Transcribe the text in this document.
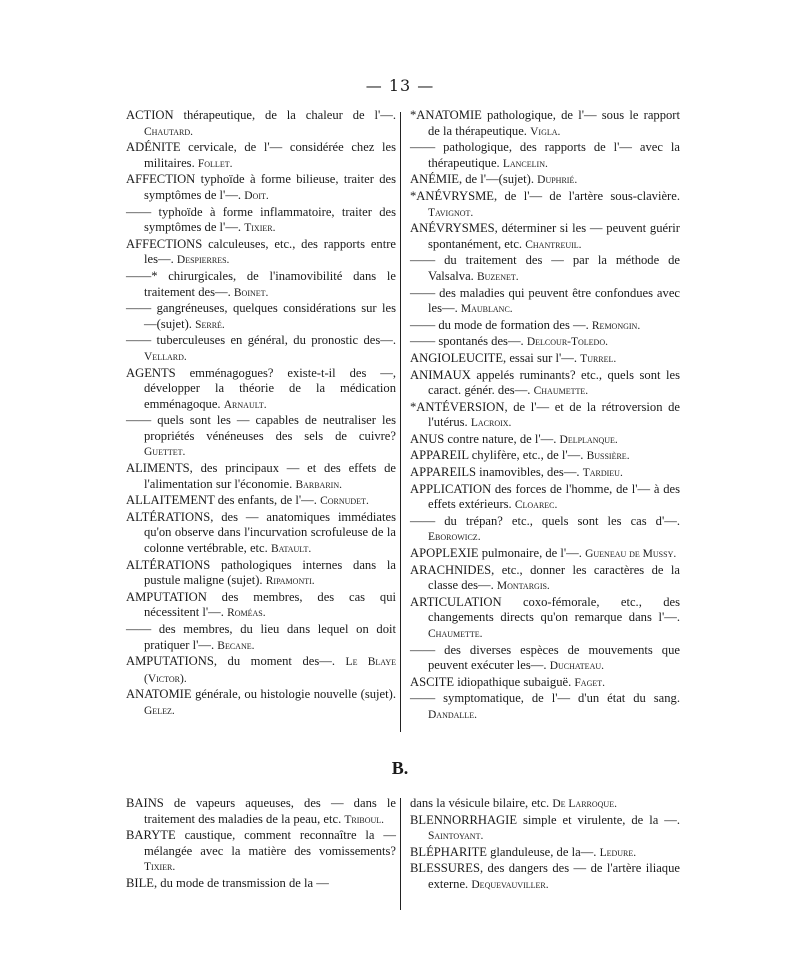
— 13 —
ACTION thérapeutique, de la chaleur de l'—. Chautard.
ADÉNITE cervicale, de l'— considérée chez les militaires. Follet.
AFFECTION typhoïde à forme bilieuse, traiter des symptômes de l'—. Doit.
—— typhoïde à forme inflammatoire, traiter des symptômes de l'—. Tixier.
AFFECTIONS calculeuses, etc., des rapports entre les—. Despierres.
——* chirurgicales, de l'inamovibilité dans le traitement des—. Boinet.
—— gangréneuses, quelques considérations sur les —(sujet). Serré.
—— tuberculeuses en général, du pronostic des—. Vellard.
AGENTS emménagogues? existe-t-il des —, développer la théorie de la médication emménagoque. Arnault.
—— quels sont les — capables de neutraliser les propriétés vénéneuses des sels de cuivre? Guettet.
ALIMENTS, des principaux — et des effets de l'alimentation sur l'économie. Barbarin.
ALLAITEMENT des enfants, de l'—. Cornudet.
ALTÉRATIONS, des — anatomiques immédiates qu'on observe dans l'incurvation scrofuleuse de la colonne vertébrable, etc. Batault.
ALTÉRATIONS pathologiques internes dans la pustule maligne (sujet). Ripamonti.
AMPUTATION des membres, des cas qui nécessitent l'—. Roméas.
—— des membres, du lieu dans lequel on doit pratiquer l'—. Becane.
AMPUTATIONS, du moment des—. Le Blaye (Victor).
ANATOMIE générale, ou histologie nouvelle (sujet). Gelez.
*ANATOMIE pathologique, de l'— sous le rapport de la thérapeutique. Vigla.
—— pathologique, des rapports de l'— avec la thérapeutique. Lancelin.
ANÉMIE, de l'—(sujet). Duphrié.
*ANÉVRYSME, de l'— de l'artère sous-clavière. Tavignot.
ANÉVRYSMES, déterminer si les — peuvent guérir spontanément, etc. Chantreuil.
—— du traitement des — par la méthode de Valsalva. Buzenet.
—— des maladies qui peuvent être confondues avec les—. Maublanc.
—— du mode de formation des —. Remongin.
—— spontanés des—. Delcour-Toledo.
ANGIOLEUCITE, essai sur l'—. Turrel.
ANIMAUX appelés ruminants? etc., quels sont les caract. génér. des—. Chaumette.
*ANTÉVERSION, de l'— et de la rétroversion de l'utérus. Lacroix.
ANUS contre nature, de l'—. Delplanque.
APPAREIL chylifère, etc., de l'—. Bussière.
APPAREILS inamovibles, des—. Tardieu.
APPLICATION des forces de l'homme, de l'— à des effets extérieurs. Cloarec.
—— du trépan? etc., quels sont les cas d'—. Eborowicz.
APOPLEXIE pulmonaire, de l'—. Gueneau de Mussy.
ARACHNIDES, etc., donner les caractères de la classe des—. Montargis.
ARTICULATION coxo-fémorale, etc., des changements directs qu'on remarque dans l'—. Chaumette.
—— des diverses espèces de mouvements que peuvent exécuter les—. Duchateau.
ASCITE idiopathique subaiguë. Faget.
—— symptomatique, de l'— d'un état du sang. Dandalle.
B.
BAINS de vapeurs aqueuses, des — dans le traitement des maladies de la peau, etc. Triboul.
BARYTE caustique, comment reconnaître la — mélangée avec la matière des vomissements? Tixier.
BILE, du mode de transmission de la —
dans la vésicule bilaire, etc. De Larroque.
BLENNORRHAGIE simple et virulente, de la —. Saintoyant.
BLÉPHARITE glanduleuse, de la—. Ledure.
BLESSURES, des dangers des — de l'artère iliaque externe. Dequevauviller.
